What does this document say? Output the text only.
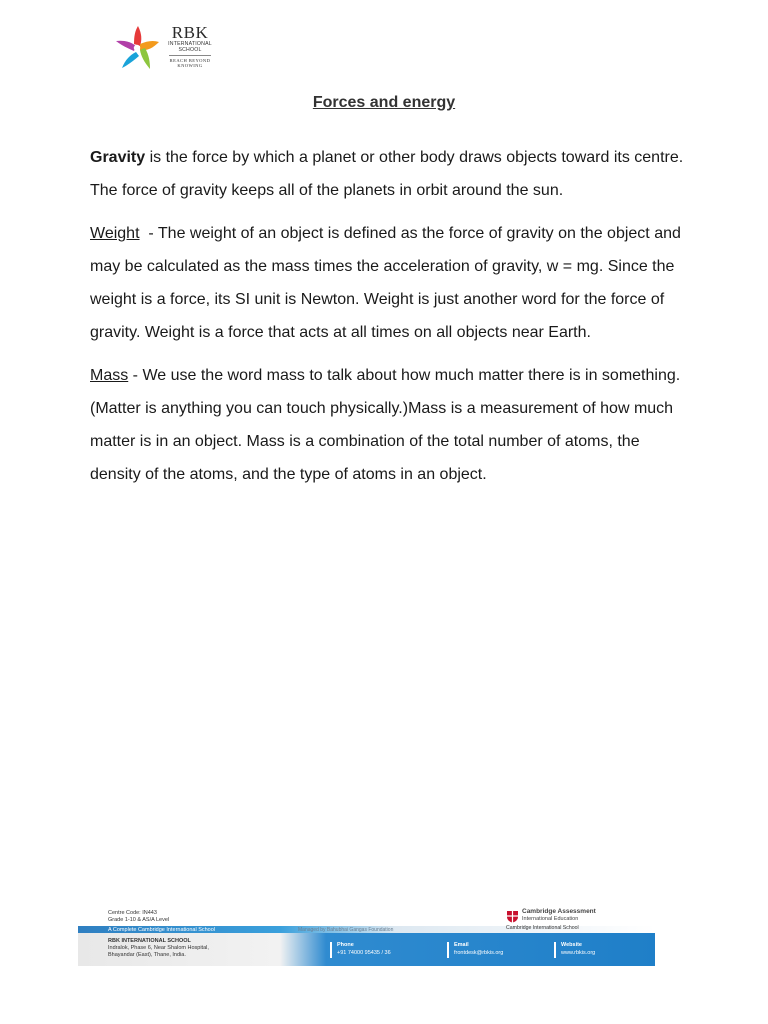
RBK
INTERNATIONAL
SCHOOL
REACH BEYOND
KNOWING
Forces and energy

Gravity is the force by which a planet or other body draws objects toward its centre. The force of gravity keeps all of the planets in orbit around the sun.

Weight  - The weight of an object is defined as the force of gravity on the object and may be calculated as the mass times the acceleration of gravity, w = mg. Since the weight is a force, its SI unit is Newton. Weight is just another word for the force of gravity. Weight is a force that acts at all times on all objects near Earth.

Mass - We use the word mass to talk about how much matter there is in something. (Matter is anything you can touch physically.)Mass is a measurement of how much matter is in an object. Mass is a combination of the total number of atoms, the density of the atoms, and the type of atoms in an object.

Centre Code: IN443
Grade 1-10 & AS/A Level
A Complete Cambridge International School	Managed by Bahubhai Gangas Foundation
RBK INTERNATIONAL SCHOOL
Indralok, Phase 6, Near Shalom Hospital,
Bhayandar (East), Thane, India.
Phone
+91 74000 95435 / 36
Email
frontdesk@rbkis.org
Website
www.rbkis.org
Cambridge Assessment
International Education
Cambridge International School
